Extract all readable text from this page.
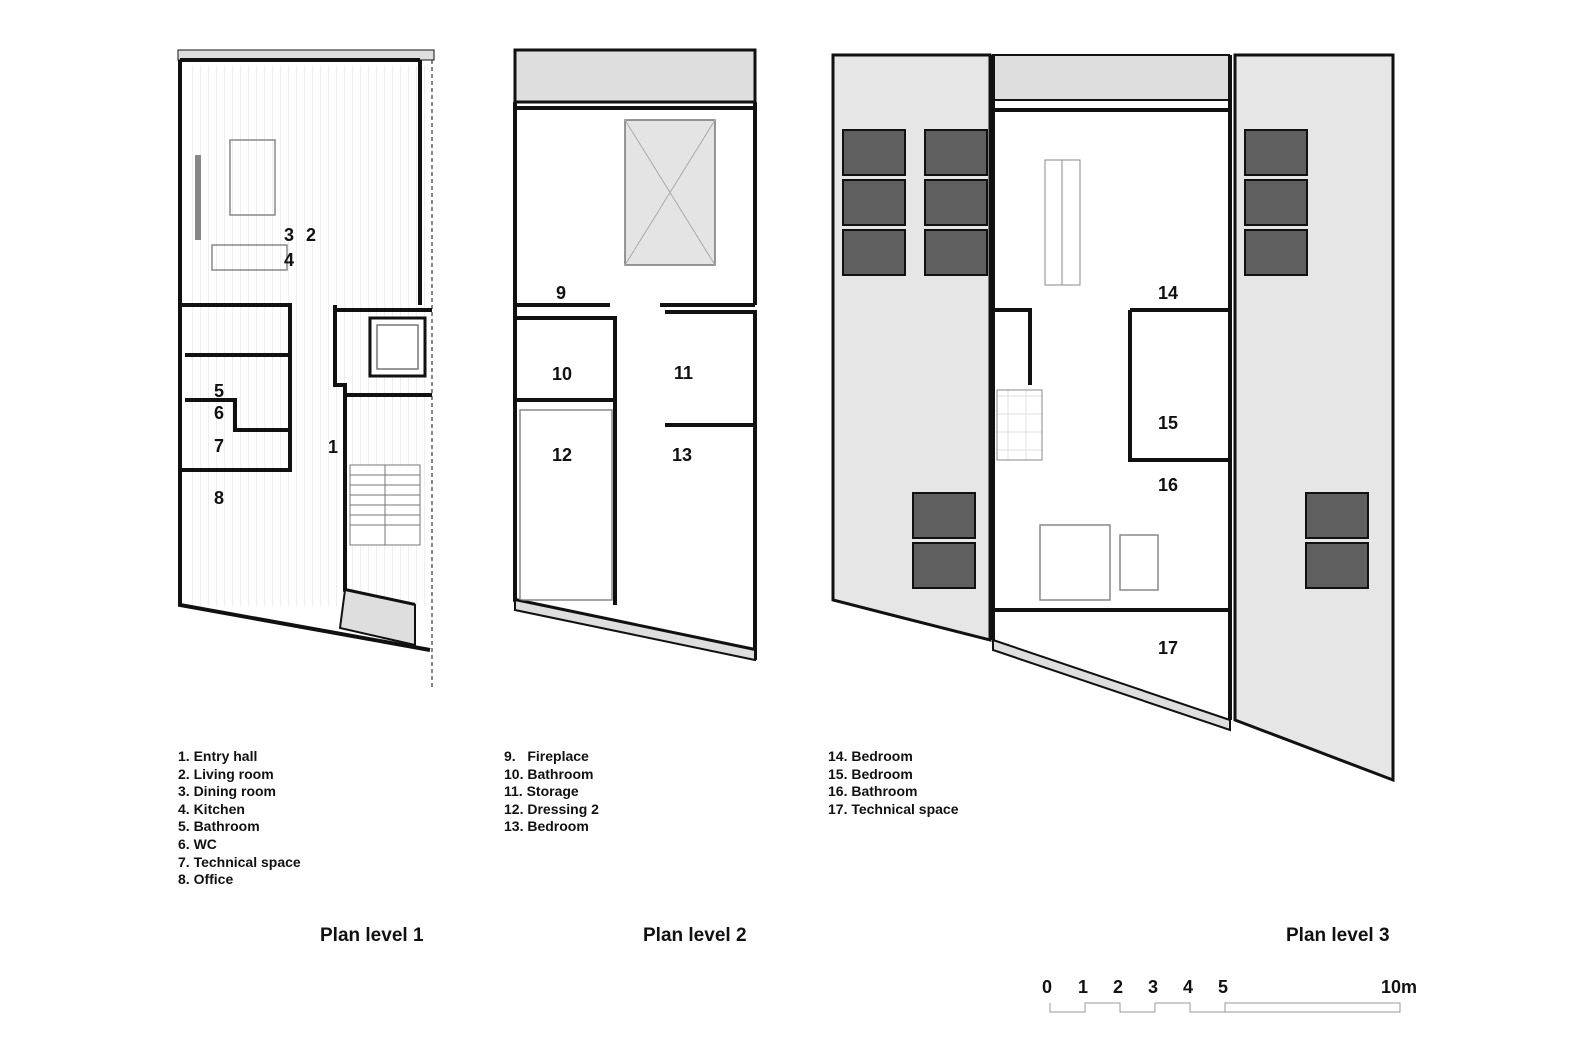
1
2
3
4
5
6
7
8
9
10	11
12	13
14
15
16
17
1. Entry hall
2. Living room
3. Dining room
4. Kitchen
5. Bathroom
6. WC
7. Technical space
8. Office
9.   Fireplace
10. Bathroom
11. Storage
12. Dressing 2
13. Bedroom
14. Bedroom
15. Bedroom
16. Bathroom
17. Technical space
Plan level 1	Plan level 2	Plan level 3
0 1 2 3 4 5	10m
